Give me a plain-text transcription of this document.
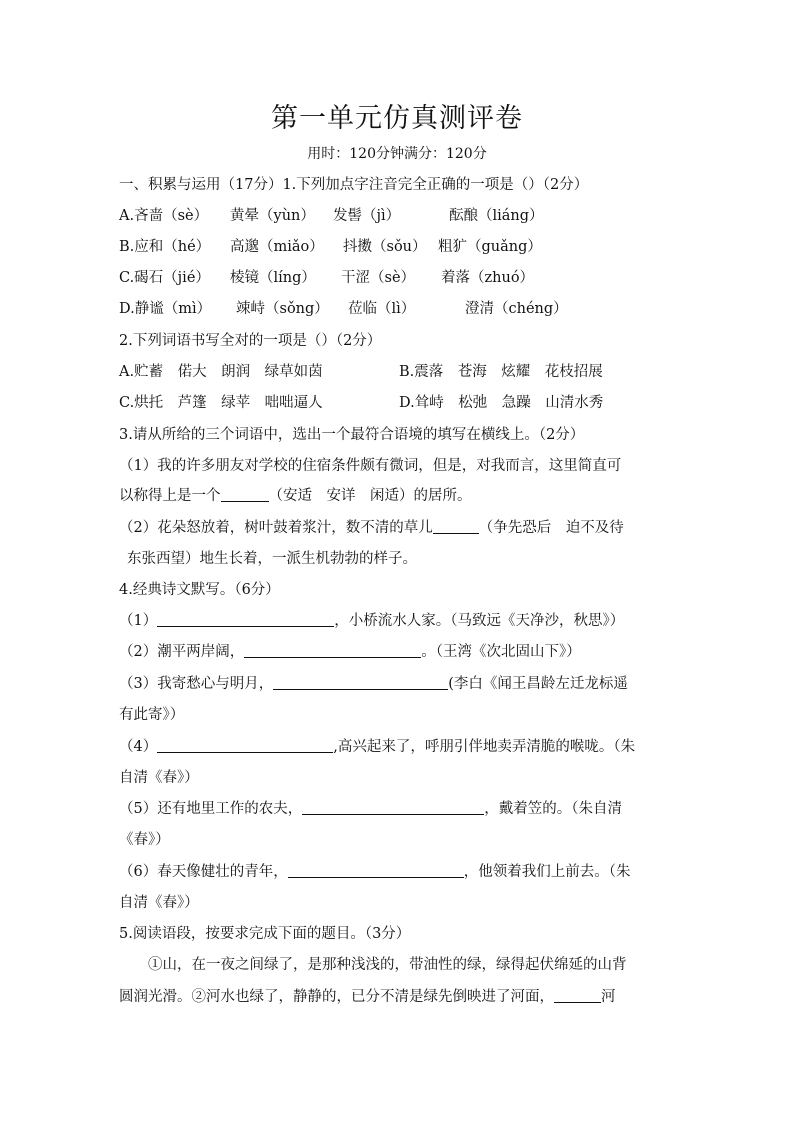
第一单元仿真测评卷
用时：120分钟满分：120分
一、积累与运用（17分）1.下列加点字注音完全正确的一项是（）（2分）
A.吝啬（sè） 黄晕（yùn） 发髻（jì）	酝酿（liáng）
B.应和（hé） 高邈（miǎo） 抖擞（sǒu） 粗犷（guǎng）
C.碣石（jié） 棱镜（líng） 干涩（sè） 着落（zhuó）
D.静谧（mì） 竦峙（sǒng） 莅临（lì）	澄清（chéng）
2.下列词语书写全对的一项是（）（2分）
A.贮蓄　偌大　朗润　绿草如茵	B.震落　苍海　炫耀　花枝招展
C.烘托　芦篷　绿苹　咄咄逼人	D.耸峙　松弛　急躁　山清水秀
3.请从所给的三个词语中，选出一个最符合语境的填写在横线上。（2分）
（1）我的许多朋友对学校的住宿条件颇有微词，但是，对我而言，这里简直可
以称得上是一个	（安适　安详　闲适）的居所。
（2）花朵怒放着，树叶鼓着浆汁，数不清的草儿	（争先恐后　迫不及待
东张西望）地生长着，一派生机勃勃的样子。
4.经典诗文默写。（6分）
（1）	，小桥流水人家。（马致远《天净沙，秋思》）
（2）潮平两岸阔，	。（王湾《次北固山下》）
（3）我寄愁心与明月，	(李白《闻王昌龄左迁龙标遥
有此寄》）
（4）	,高兴起来了，呼朋引伴地卖弄清脆的喉咙。（朱
自清《春》）
（5）还有地里工作的农夫，	，戴着笠的。（朱自清
《春》）
（6）春天像健壮的青年，	，他领着我们上前去。（朱
自清《春》）
5.阅读语段，按要求完成下面的题目。（3分）
①山，在一夜之间绿了，是那种浅浅的，带油性的绿，绿得起伏绵延的山背
圆润光滑。②河水也绿了，静静的，已分不清是绿先倒映进了河面，	河
